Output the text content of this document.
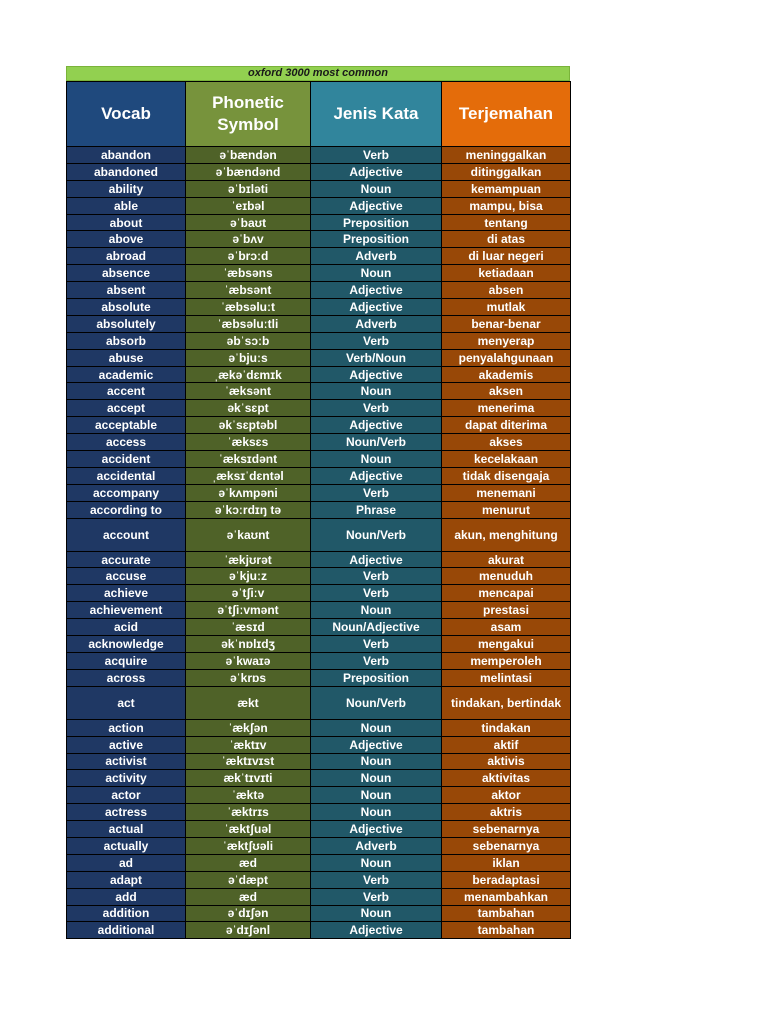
oxford 3000 most common
Vocab	Phonetic Symbol	Jenis Kata	Terjemahan
abandon	əˈbændən	Verb	meninggalkan
abandoned	əˈbændənd	Adjective	ditinggalkan
ability	əˈbɪləti	Noun	kemampuan
able	ˈeɪbəl	Adjective	mampu, bisa
about	əˈbaʊt	Preposition	tentang
above	əˈbʌv	Preposition	di atas
abroad	əˈbrɔːd	Adverb	di luar negeri
absence	ˈæbsəns	Noun	ketiadaan
absent	ˈæbsənt	Adjective	absen
absolute	ˈæbsəluːt	Adjective	mutlak
absolutely	ˈæbsəluːtli	Adverb	benar-benar
absorb	əbˈsɔːb	Verb	menyerap
abuse	əˈbjuːs	Verb/Noun	penyalahgunaan
academic	ˌækəˈdɛmɪk	Adjective	akademis
accent	ˈæksənt	Noun	aksen
accept	əkˈsɛpt	Verb	menerima
acceptable	əkˈsɛptəbl	Adjective	dapat diterima
access	ˈæksɛs	Noun/Verb	akses
accident	ˈæksɪdənt	Noun	kecelakaan
accidental	ˌæksɪˈdɛntəl	Adjective	tidak disengaja
accompany	əˈkʌmpəni	Verb	menemani
according to	əˈkɔːrdɪŋ tə	Phrase	menurut
account	əˈkaʊnt	Noun/Verb	akun, menghitung
accurate	ˈækjʊrət	Adjective	akurat
accuse	əˈkjuːz	Verb	menuduh
achieve	əˈtʃiːv	Verb	mencapai
achievement	əˈtʃiːvmənt	Noun	prestasi
acid	ˈæsɪd	Noun/Adjective	asam
acknowledge	əkˈnɒlɪdʒ	Verb	mengakui
acquire	əˈkwaɪə	Verb	memperoleh
across	əˈkrɒs	Preposition	melintasi
act	ækt	Noun/Verb	tindakan, bertindak
action	ˈækʃən	Noun	tindakan
active	ˈæktɪv	Adjective	aktif
activist	ˈæktɪvɪst	Noun	aktivis
activity	ækˈtɪvɪti	Noun	aktivitas
actor	ˈæktə	Noun	aktor
actress	ˈæktrɪs	Noun	aktris
actual	ˈæktʃuəl	Adjective	sebenarnya
actually	ˈæktʃʊəli	Adverb	sebenarnya
ad	æd	Noun	iklan
adapt	əˈdæpt	Verb	beradaptasi
add	æd	Verb	menambahkan
addition	əˈdɪʃən	Noun	tambahan
additional	əˈdɪʃənl	Adjective	tambahan
